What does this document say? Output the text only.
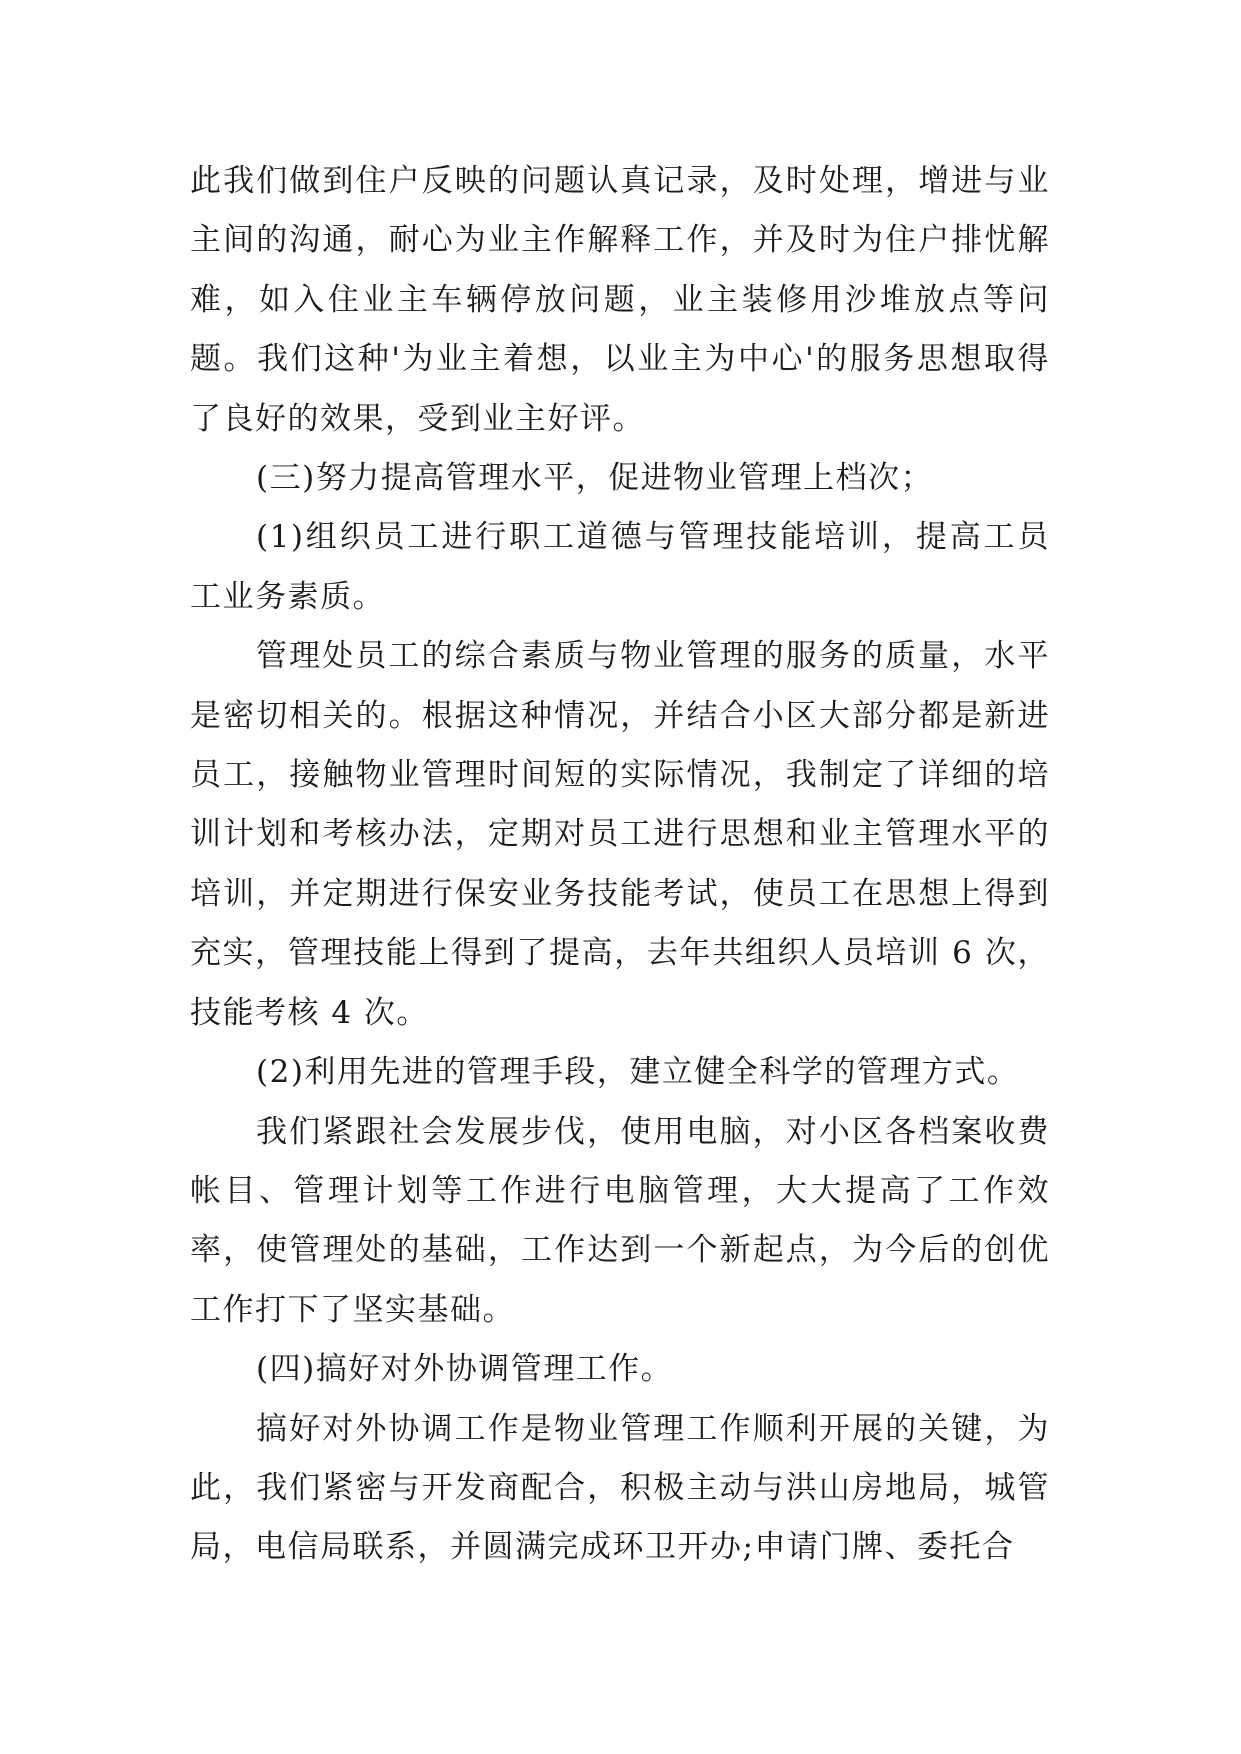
此我们做到住户反映的问题认真记录，及时处理，增进与业主间的沟通，耐心为业主作解释工作，并及时为住户排忧解难，如入住业主车辆停放问题，业主装修用沙堆放点等问题。我们这种'为业主着想，以业主为中心'的服务思想取得了良好的效果，受到业主好评。

(三)努力提高管理水平，促进物业管理上档次；

(1)组织员工进行职工道德与管理技能培训，提高工员工业务素质。

管理处员工的综合素质与物业管理的服务的质量，水平是密切相关的。根据这种情况，并结合小区大部分都是新进员工，接触物业管理时间短的实际情况，我制定了详细的培训计划和考核办法，定期对员工进行思想和业主管理水平的培训，并定期进行保安业务技能考试，使员工在思想上得到充实，管理技能上得到了提高，去年共组织人员培训 6 次，技能考核 4 次。

(2)利用先进的管理手段，建立健全科学的管理方式。

我们紧跟社会发展步伐，使用电脑，对小区各档案收费帐目、管理计划等工作进行电脑管理，大大提高了工作效率，使管理处的基础，工作达到一个新起点，为今后的创优工作打下了坚实基础。

(四)搞好对外协调管理工作。

搞好对外协调工作是物业管理工作顺利开展的关键，为此，我们紧密与开发商配合，积极主动与洪山房地局，城管局，电信局联系，并圆满完成环卫开办;申请门牌、委托合
